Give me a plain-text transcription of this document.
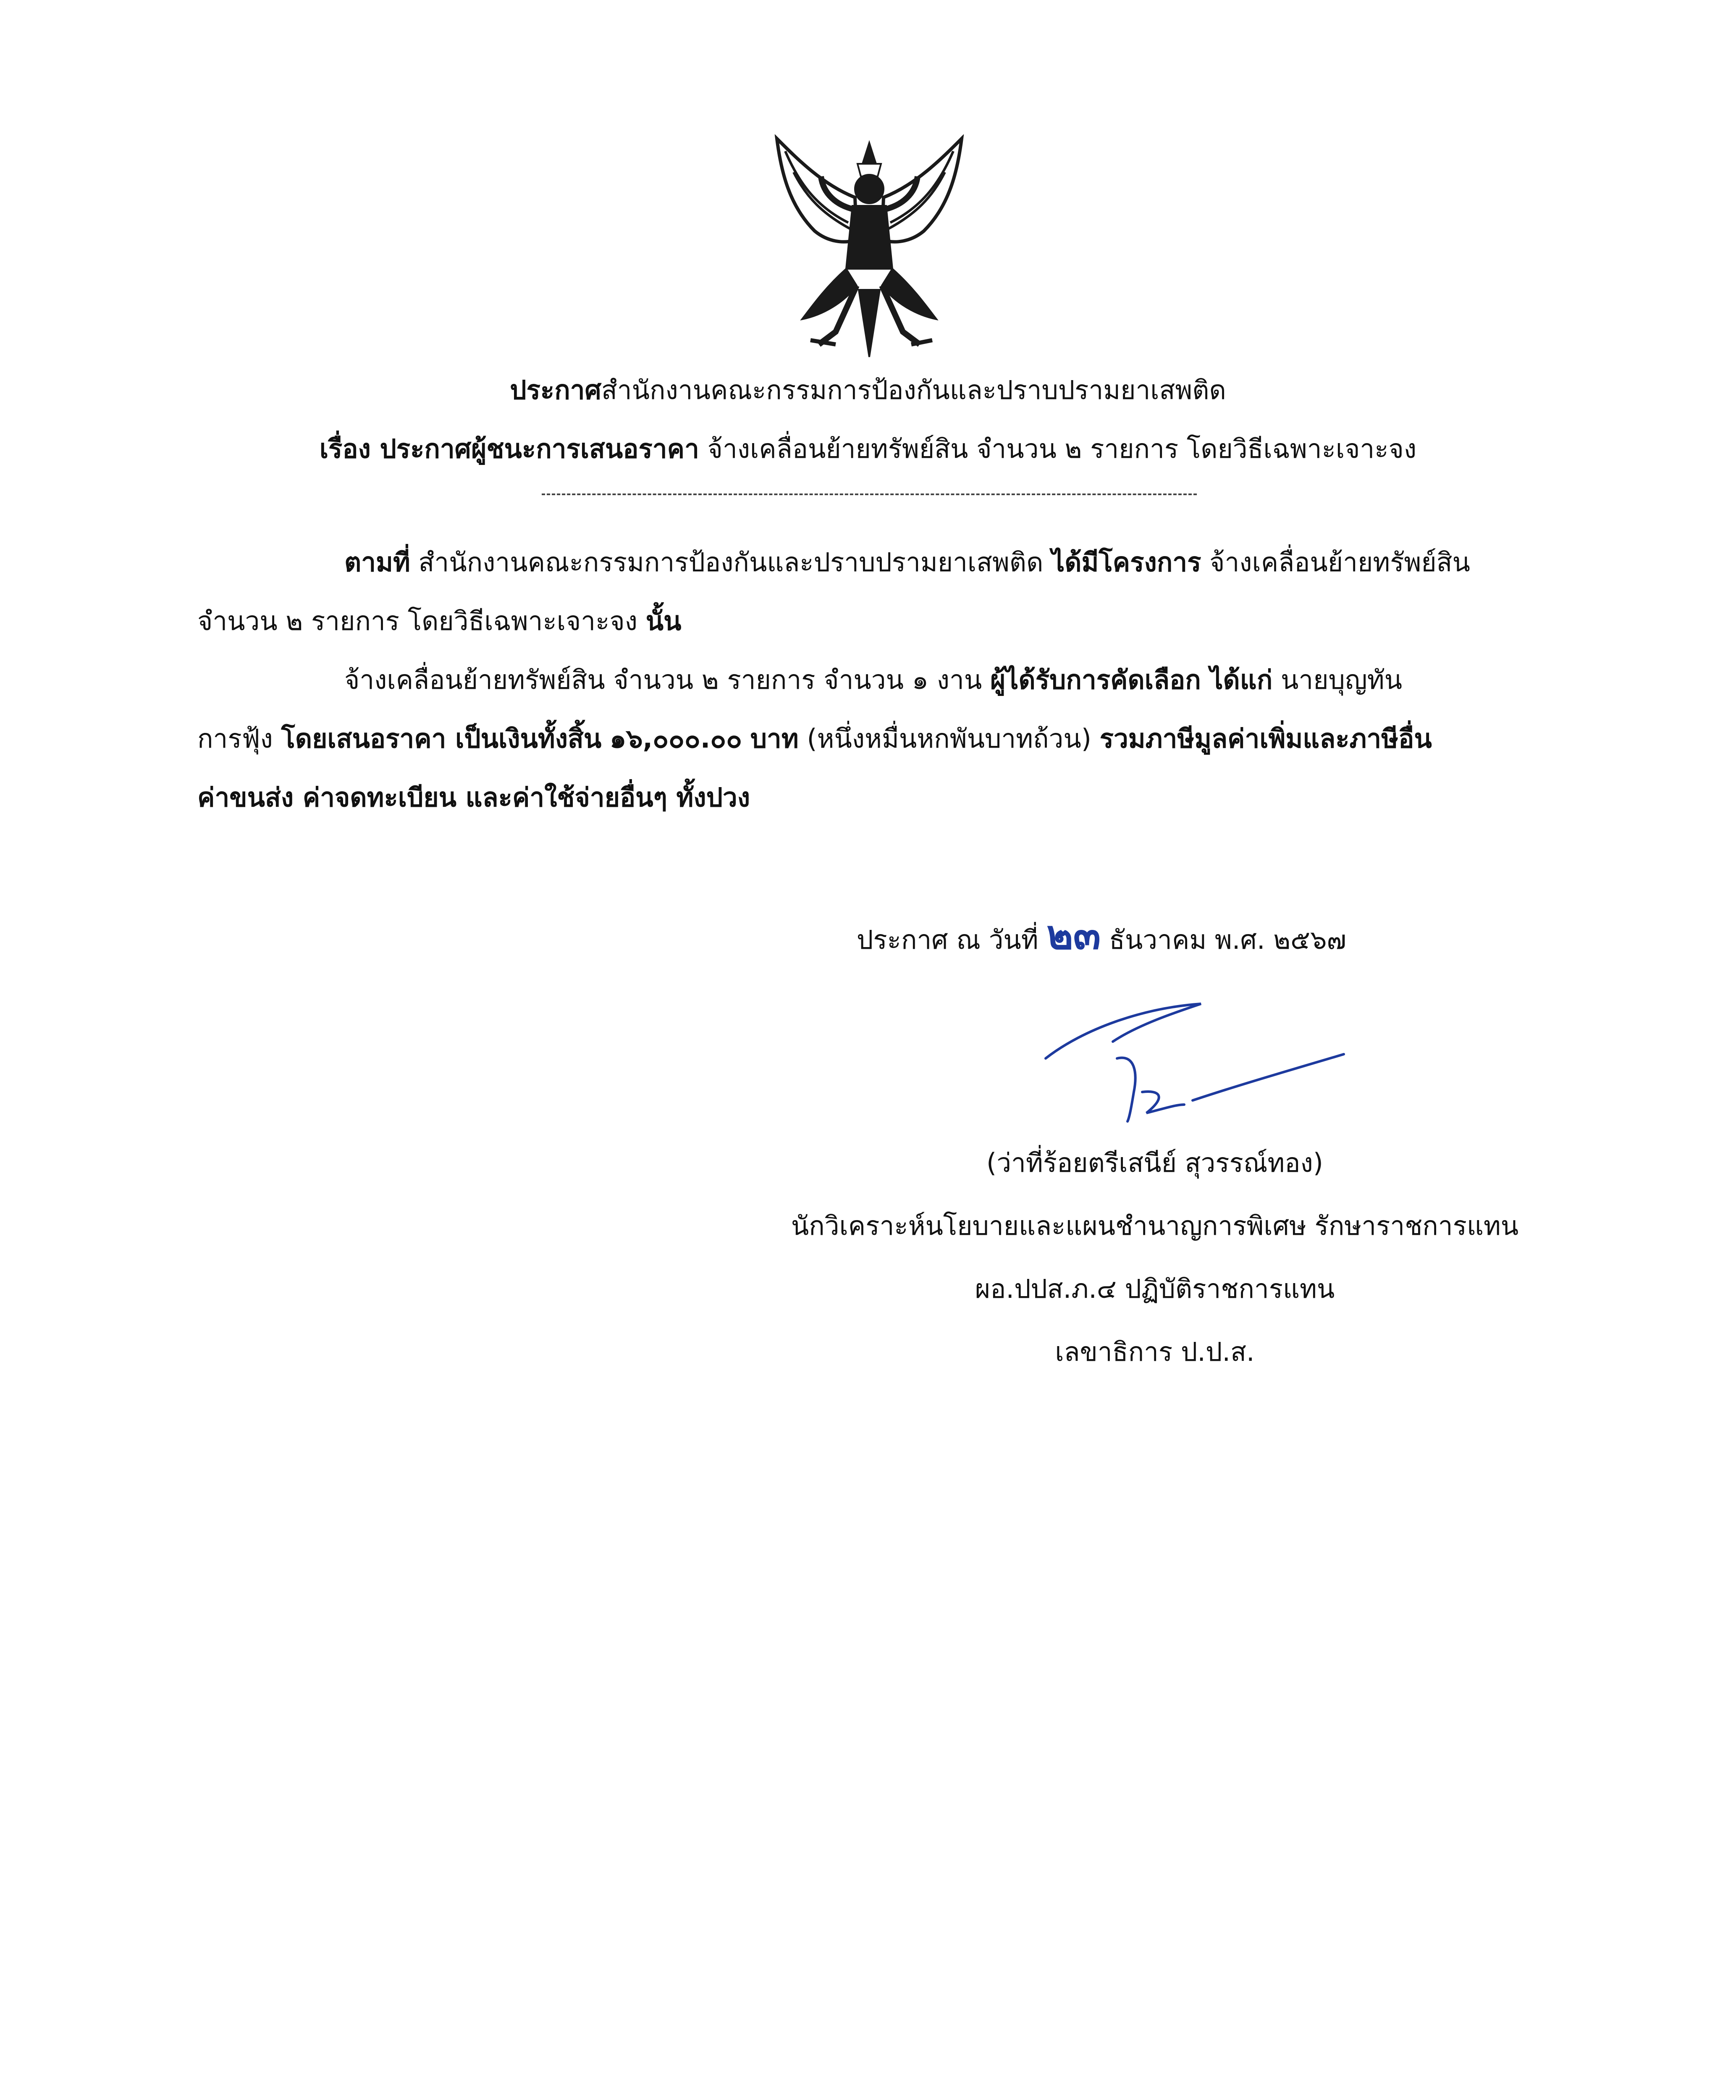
ประกาศสำนักงานคณะกรรมการป้องกันและปราบปรามยาเสพติด
เรื่อง ประกาศผู้ชนะการเสนอราคา จ้างเคลื่อนย้ายทรัพย์สิน จำนวน ๒ รายการ โดยวิธีเฉพาะเจาะจง
ตามที่ สำนักงานคณะกรรมการป้องกันและปราบปรามยาเสพติด ได้มีโครงการ จ้างเคลื่อนย้ายทรัพย์สิน
จำนวน ๒ รายการ โดยวิธีเฉพาะเจาะจง นั้น
จ้างเคลื่อนย้ายทรัพย์สิน จำนวน ๒ รายการ จำนวน ๑ งาน ผู้ได้รับการคัดเลือก ได้แก่ นายบุญทัน
การฟุ้ง โดยเสนอราคา เป็นเงินทั้งสิ้น ๑๖,๐๐๐.๐๐ บาท (หนึ่งหมื่นหกพันบาทถ้วน) รวมภาษีมูลค่าเพิ่มและภาษีอื่น
ค่าขนส่ง ค่าจดทะเบียน และค่าใช้จ่ายอื่นๆ ทั้งปวง
ประกาศ ณ วันที่ ๒๓ ธันวาคม พ.ศ. ๒๕๖๗
(ว่าที่ร้อยตรีเสนีย์ สุวรรณ์ทอง)
นักวิเคราะห์นโยบายและแผนชำนาญการพิเศษ รักษาราชการแทน
ผอ.ปปส.ภ.๔ ปฏิบัติราชการแทน
เลขาธิการ ป.ป.ส.
